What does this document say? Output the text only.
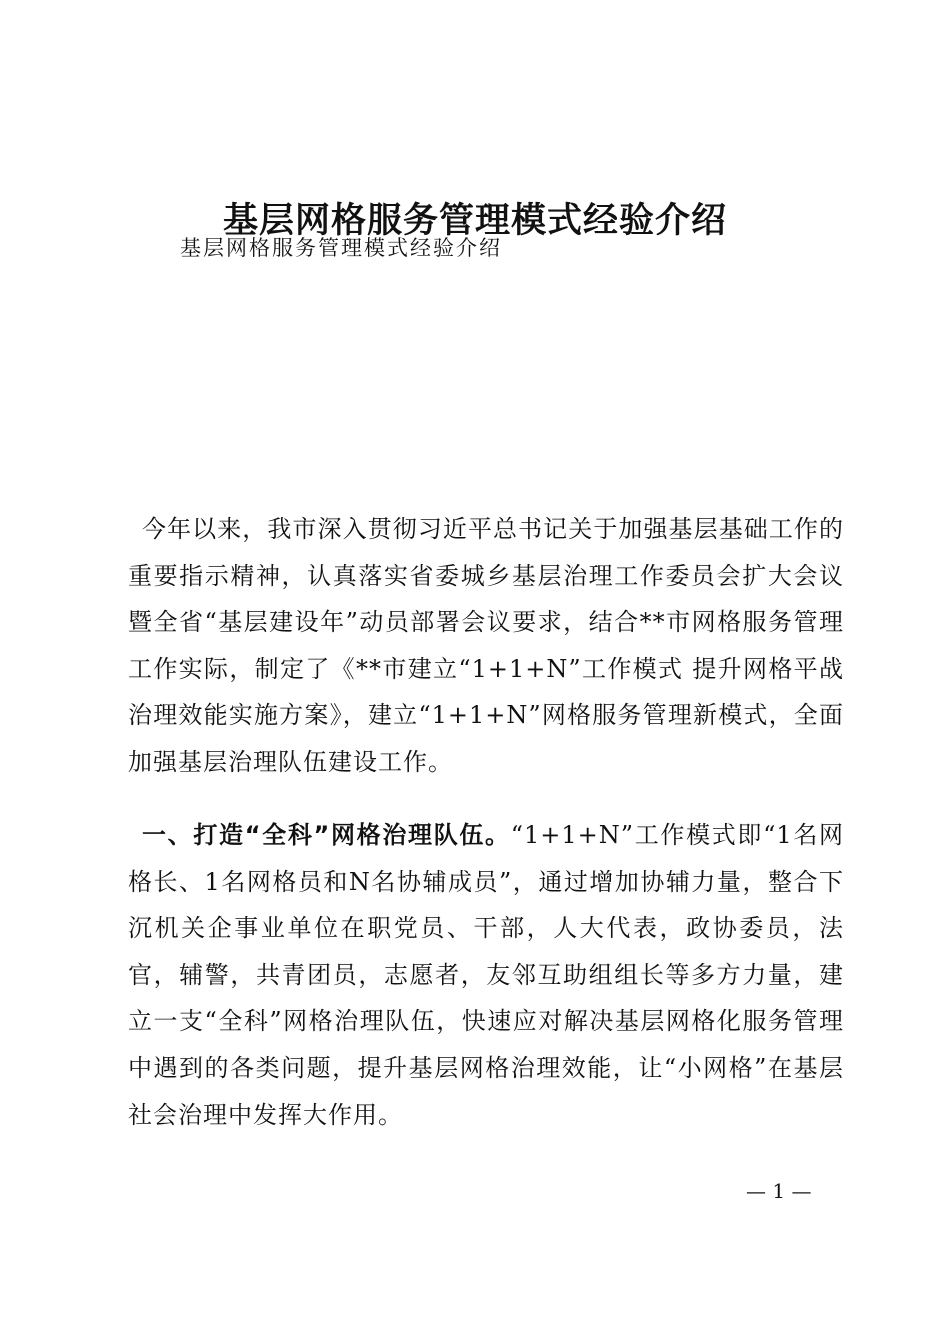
基层网格服务管理模式经验介绍
基层网格服务管理模式经验介绍

今年以来，我市深入贯彻习近平总书记关于加强基层基础工作的重要指示精神，认真落实省委城乡基层治理工作委员会扩大会议暨全省“基层建设年”动员部署会议要求，结合**市网格服务管理工作实际，制定了《**市建立“1+1+N”工作模式 提升网格平战治理效能实施方案》，建立“1+1+N”网格服务管理新模式，全面加强基层治理队伍建设工作。

一、打造“全科”网格治理队伍。“1+1+N”工作模式即“1名网格长、1名网格员和N名协辅成员”，通过增加协辅力量，整合下沉机关企事业单位在职党员、干部，人大代表，政协委员，法官，辅警，共青团员，志愿者，友邻互助组组长等多方力量，建立一支“全科”网格治理队伍，快速应对解决基层网格化服务管理中遇到的各类问题，提升基层网格治理效能，让“小网格”在基层社会治理中发挥大作用。

— 1 —
